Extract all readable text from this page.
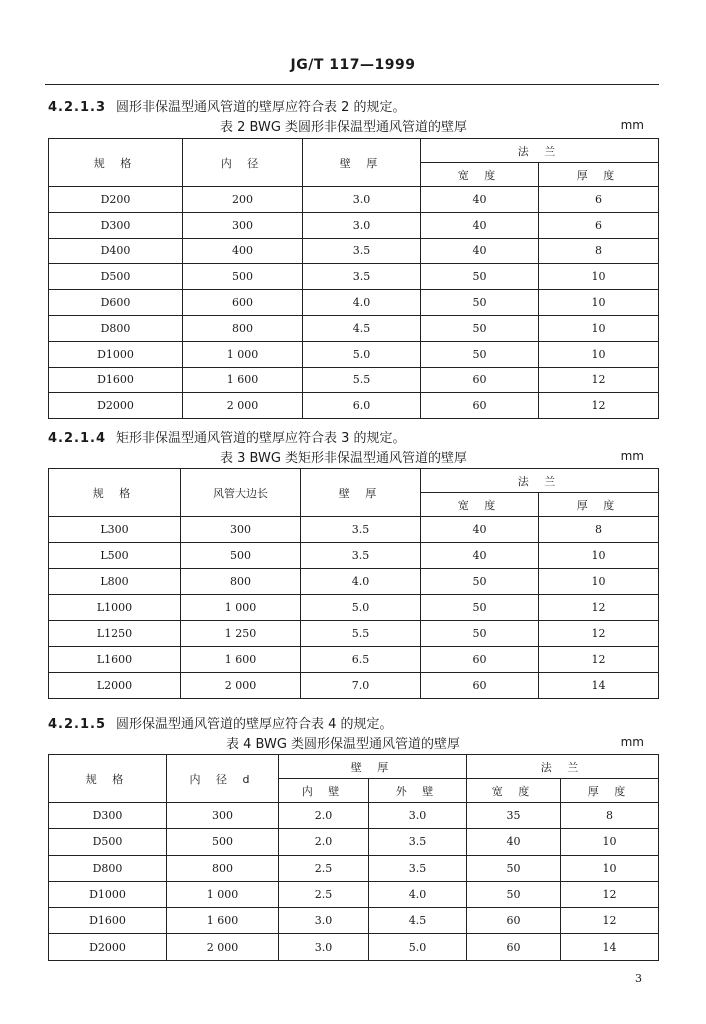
JG/T 117—1999
4.2.1.3 圆形非保温型通风管道的壁厚应符合表 2 的规定。
表 2 BWG 类圆形非保温型通风管道的壁厚	mm
规 格	内 径	壁 厚	法 兰	
			宽 度	厚 度
D200	200	3.0	40	6
D300	300	3.0	40	6
D400	400	3.5	40	8
D500	500	3.5	50	10
D600	600	4.0	50	10
D800	800	4.5	50	10
D1000	1 000	5.0	50	10
D1600	1 600	5.5	60	12
D2000	2 000	6.0	60	12
4.2.1.4 矩形非保温型通风管道的壁厚应符合表 3 的规定。
表 3 BWG 类矩形非保温型通风管道的壁厚	mm
规 格	风管大边长	壁 厚	法 兰	
			宽 度	厚 度
L300	300	3.5	40	8
L500	500	3.5	40	10
L800	800	4.0	50	10
L1000	1 000	5.0	50	12
L1250	1 250	5.5	50	12
L1600	1 600	6.5	60	12
L2000	2 000	7.0	60	14
4.2.1.5 圆形保温型通风管道的壁厚应符合表 4 的规定。
表 4 BWG 类圆形保温型通风管道的壁厚	mm
规 格	内 径 d	壁 厚		法 兰	
		内 壁	外 壁	宽 度	厚 度
D300	300	2.0	3.0	35	8
D500	500	2.0	3.5	40	10
D800	800	2.5	3.5	50	10
D1000	1 000	2.5	4.0	50	12
D1600	1 600	3.0	4.5	60	12
D2000	2 000	3.0	5.0	60	14
3
